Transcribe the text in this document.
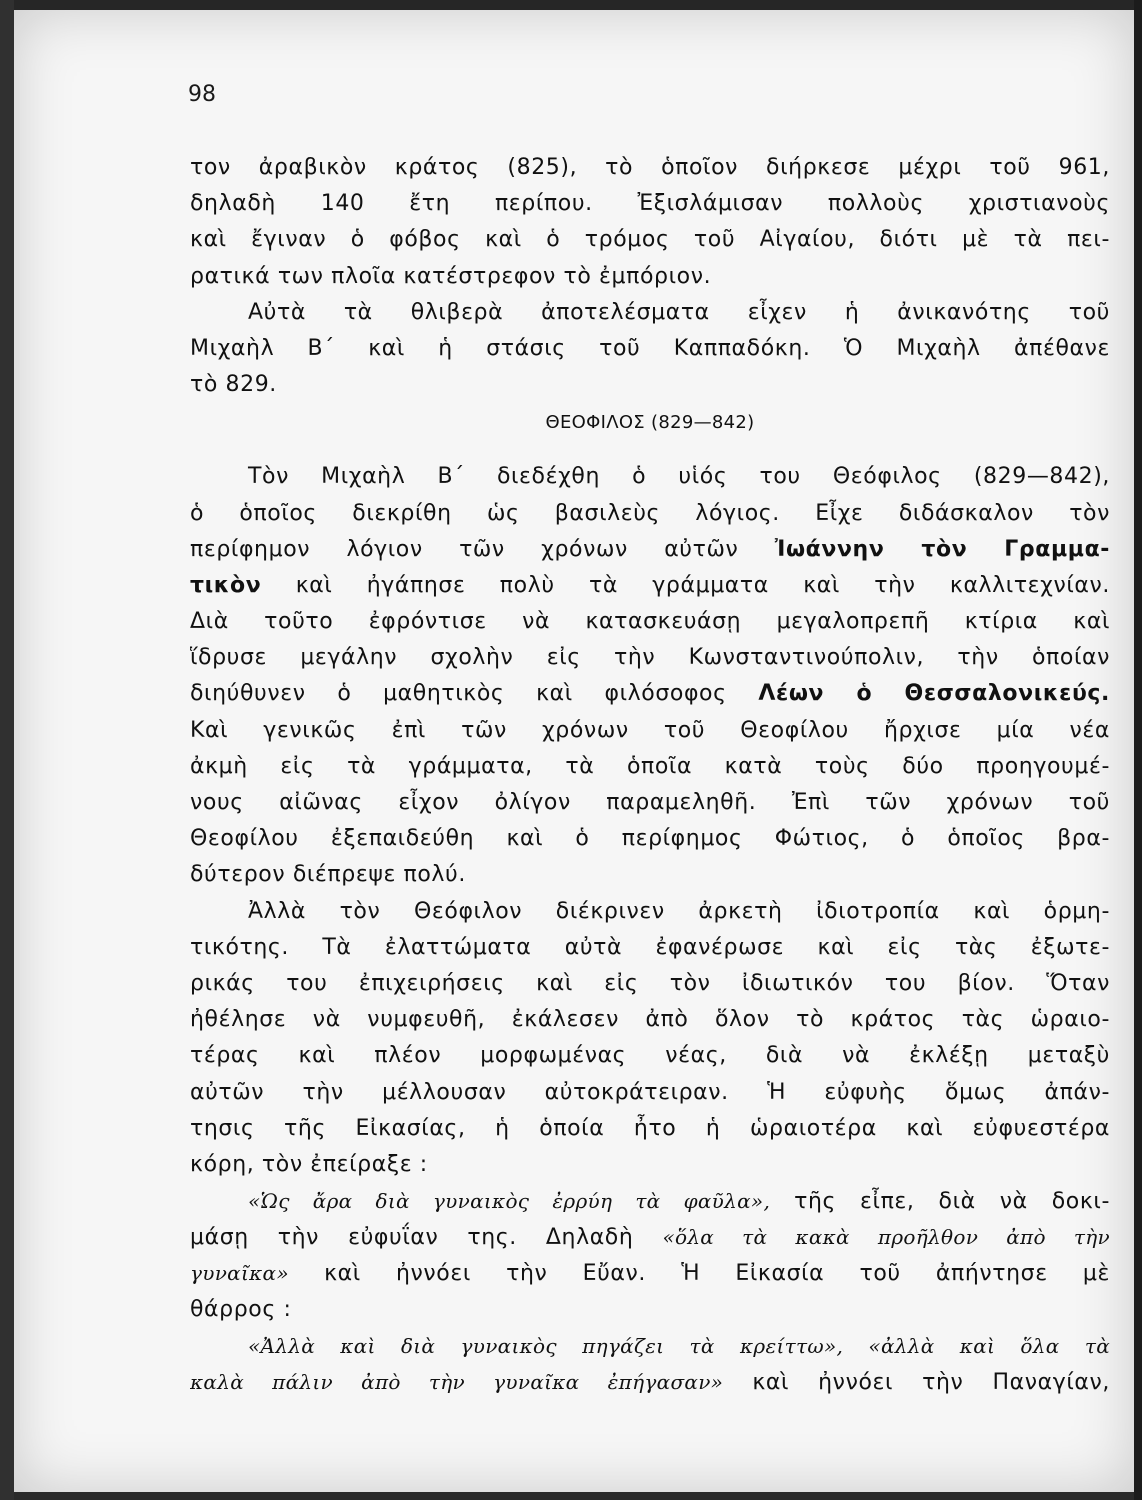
98
τον ἀραβικὸν κράτος (825), τὸ ὁποῖον διήρκεσε μέχρι τοῦ 961,
δηλαδὴ 140 ἔτη περίπου. Ἐξισλάμισαν πολλοὺς χριστιανοὺς
καὶ ἔγιναν ὁ φόβος καὶ ὁ τρόμος τοῦ Αἰγαίου, διότι μὲ τὰ πει-
ρατικά των πλοῖα κατέστρεφον τὸ ἐμπόριον.
Αὐτὰ τὰ θλιβερὰ ἀποτελέσματα εἶχεν ἡ ἀνικανότης τοῦ
Μιχαὴλ Β΄ καὶ ἡ στάσις τοῦ Καππαδόκη. Ὁ Μιχαὴλ ἀπέθανε
τὸ 829.
ΘΕΟΦΙΛΟΣ (829—842)
Τὸν Μιχαὴλ Β΄ διεδέχθη ὁ υἱός του Θεόφιλος (829—842),
ὁ ὁποῖος διεκρίθη ὡς βασιλεὺς λόγιος. Εἶχε διδάσκαλον τὸν
περίφημον λόγιον τῶν χρόνων αὐτῶν Ἰωάννην τὸν Γραμμα-
τικὸν καὶ ἠγάπησε πολὺ τὰ γράμματα καὶ τὴν καλλιτεχνίαν.
Διὰ τοῦτο ἐφρόντισε νὰ κατασκευάσῃ μεγαλοπρεπῆ κτίρια καὶ
ἵδρυσε μεγάλην σχολὴν εἰς τὴν Κωνσταντινούπολιν, τὴν ὁποίαν
διηύθυνεν ὁ μαθητικὸς καὶ φιλόσοφος Λέων ὁ Θεσσαλονικεύς.
Καὶ γενικῶς ἐπὶ τῶν χρόνων τοῦ Θεοφίλου ἤρχισε μία νέα
ἀκμὴ εἰς τὰ γράμματα, τὰ ὁποῖα κατὰ τοὺς δύο προηγουμέ-
νους αἰῶνας εἶχον ὀλίγον παραμεληθῆ. Ἐπὶ τῶν χρόνων τοῦ
Θεοφίλου ἐξεπαιδεύθη καὶ ὁ περίφημος Φώτιος, ὁ ὁποῖος βρα-
δύτερον διέπρεψε πολύ.
Ἀλλὰ τὸν Θεόφιλον διέκρινεν ἀρκετὴ ἰδιοτροπία καὶ ὁρμη-
τικότης. Τὰ ἐλαττώματα αὐτὰ ἐφανέρωσε καὶ εἰς τὰς ἐξωτε-
ρικάς του ἐπιχειρήσεις καὶ εἰς τὸν ἰδιωτικόν του βίον. Ὅταν
ἠθέλησε νὰ νυμφευθῆ, ἐκάλεσεν ἀπὸ ὅλον τὸ κράτος τὰς ὡραιο-
τέρας καὶ πλέον μορφωμένας νέας, διὰ νὰ ἐκλέξῃ μεταξὺ
αὐτῶν τὴν μέλλουσαν αὐτοκράτειραν. Ἡ εὐφυὴς ὅμως ἀπάν-
τησις τῆς Εἰκασίας, ἡ ὁποία ἦτο ἡ ὡραιοτέρα καὶ εὐφυεστέρα
κόρη, τὸν ἐπείραξε :
«Ὡς ἄρα διὰ γυναικὸς ἐρρύη τὰ φαῦλα», τῆς εἶπε, διὰ νὰ δοκι-
μάσῃ τὴν εὐφυΐαν της. Δηλαδὴ «ὅλα τὰ κακὰ προῆλθον ἀπὸ τὴν
γυναῖκα» καὶ ἠννόει τὴν Εὔαν. Ἡ Εἰκασία τοῦ ἀπήντησε μὲ
θάρρος :
«Ἀλλὰ καὶ διὰ γυναικὸς πηγάζει τὰ κρείττω», «ἀλλὰ καὶ ὅλα τὰ
καλὰ πάλιν ἀπὸ τὴν γυναῖκα ἐπήγασαν» καὶ ἠννόει τὴν Παναγίαν,
